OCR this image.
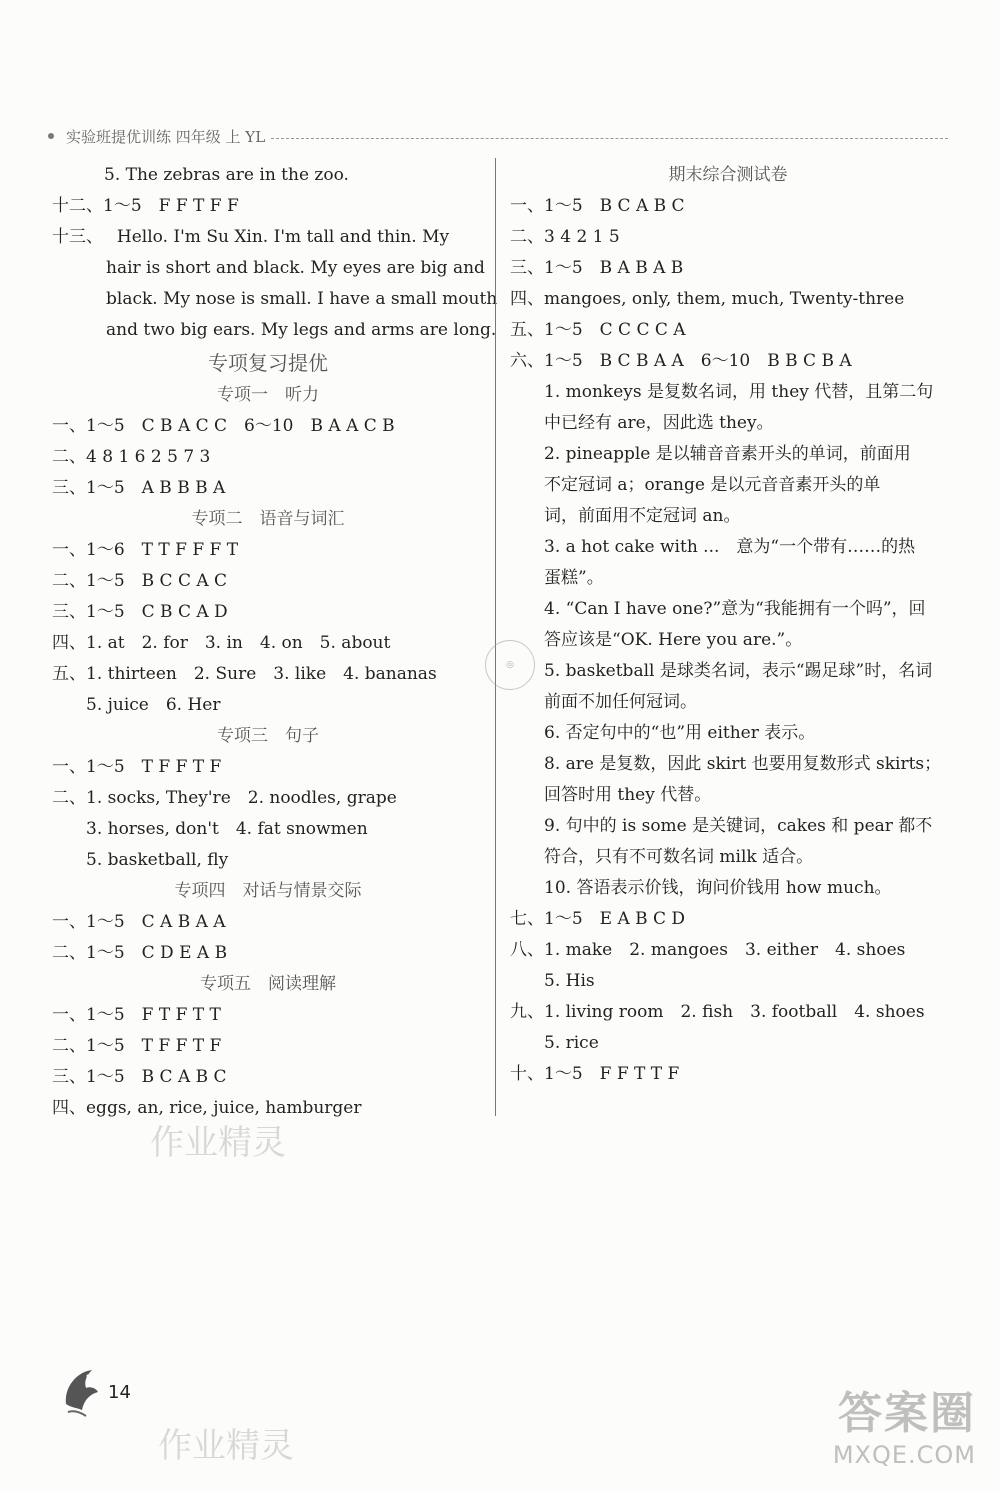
实验班提优训练 四年级 上 YL
5. The zebras are in the zoo.
十二、1～5　F F T F F
十三、　 Hello. I'm Su Xin. I'm tall and thin. My
hair is short and black. My eyes are big and
black. My nose is small. I have a small mouth
and two big ears. My legs and arms are long.
专项复习提优
专项一　听力
一、1～5　C B A C C　6～10　B A A C B
二、4 8 1 6 2 5 7 3
三、1～5　A B B B A
专项二　语音与词汇
一、1～6　T T F F F T
二、1～5　B C C A C
三、1～5　C B C A D
四、1. at　2. for　3. in　4. on　5. about
五、1. thirteen　2. Sure　3. like　4. bananas
5. juice　6. Her
专项三　句子
一、1～5　T F F T F
二、1. socks, They're　2. noodles, grape
3. horses, don't　4. fat snowmen
5. basketball, fly
专项四　对话与情景交际
一、1～5　C A B A A
二、1～5　C D E A B
专项五　阅读理解
一、1～5　F T F T T
二、1～5　T F F T F
三、1～5　B C A B C
四、eggs, an, rice, juice, hamburger
期末综合测试卷
一、1～5　B C A B C
二、3 4 2 1 5
三、1～5　B A B A B
四、mangoes, only, them, much, Twenty-three
五、1～5　C C C C A
六、1～5　B C B A A　6～10　B B C B A
1. monkeys 是复数名词，用 they 代替，且第二句
中已经有 are，因此选 they。
2. pineapple 是以辅音音素开头的单词，前面用
不定冠词 a；orange 是以元音音素开头的单
词，前面用不定冠词 an。
3. a hot cake with ...　意为“一个带有……的热
蛋糕”。
4. “Can I have one?”意为“我能拥有一个吗”，回
答应该是“OK. Here you are.”。
5. basketball 是球类名词，表示“踢足球”时，名词
前面不加任何冠词。
6. 否定句中的“也”用 either 表示。
8. are 是复数，因此 skirt 也要用复数形式 skirts；
回答时用 they 代替。
9. 句中的 is some 是关键词，cakes 和 pear 都不
符合，只有不可数名词 milk 适合。
10. 答语表示价钱，询问价钱用 how much。
七、1～5　E A B C D
八、1. make　2. mangoes　3. either　4. shoes
5. His
九、1. living room　2. fish　3. football　4. shoes
5. rice
十、1～5　F F T T F
◎
作业精灵
作业精灵
14	答案圈
MXQE.COM
